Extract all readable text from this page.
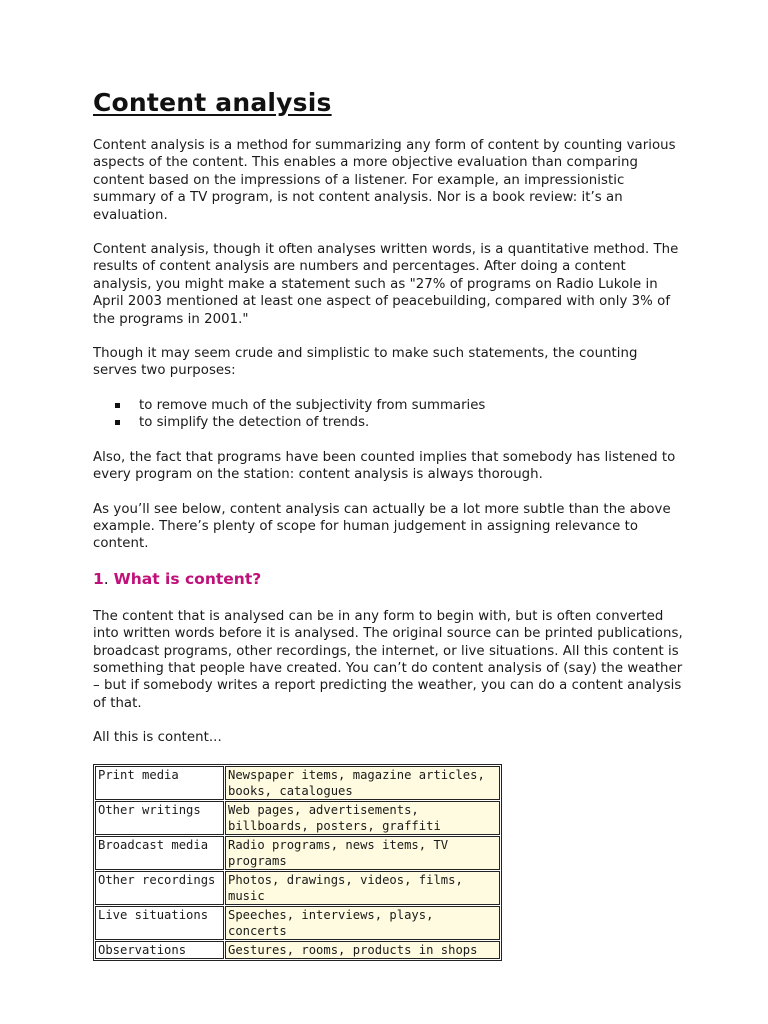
Content analysis

Content analysis is a method for summarizing any form of content by counting various aspects of the content. This enables a more objective evaluation than comparing content based on the impressions of a listener. For example, an impressionistic summary of a TV program, is not content analysis. Nor is a book review: it’s an evaluation.

Content analysis, though it often analyses written words, is a quantitative method. The results of content analysis are numbers and percentages. After doing a content analysis, you might make a statement such as "27% of programs on Radio Lukole in April 2003 mentioned at least one aspect of peacebuilding, compared with only 3% of the programs in 2001."

Though it may seem crude and simplistic to make such statements, the counting serves two purposes:

to remove much of the subjectivity from summaries
to simplify the detection of trends.

Also, the fact that programs have been counted implies that somebody has listened to every program on the station: content analysis is always thorough.

As you’ll see below, content analysis can actually be a lot more subtle than the above example. There’s plenty of scope for human judgement in assigning relevance to content.

1. What is content?

The content that is analysed can be in any form to begin with, but is often converted into written words before it is analysed. The original source can be printed publications, broadcast programs, other recordings, the internet, or live situations. All this content is something that people have created. You can’t do content analysis of (say) the weather – but if somebody writes a report predicting the weather, you can do a content analysis of that.

All this is content...

Print media	Newspaper items, magazine articles, books, catalogues
Other writings	Web pages, advertisements, billboards, posters, graffiti
Broadcast media	Radio programs, news items, TV programs
Other recordings	Photos, drawings, videos, films, music
Live situations	Speeches, interviews, plays, concerts
Observations	Gestures, rooms, products in shops
